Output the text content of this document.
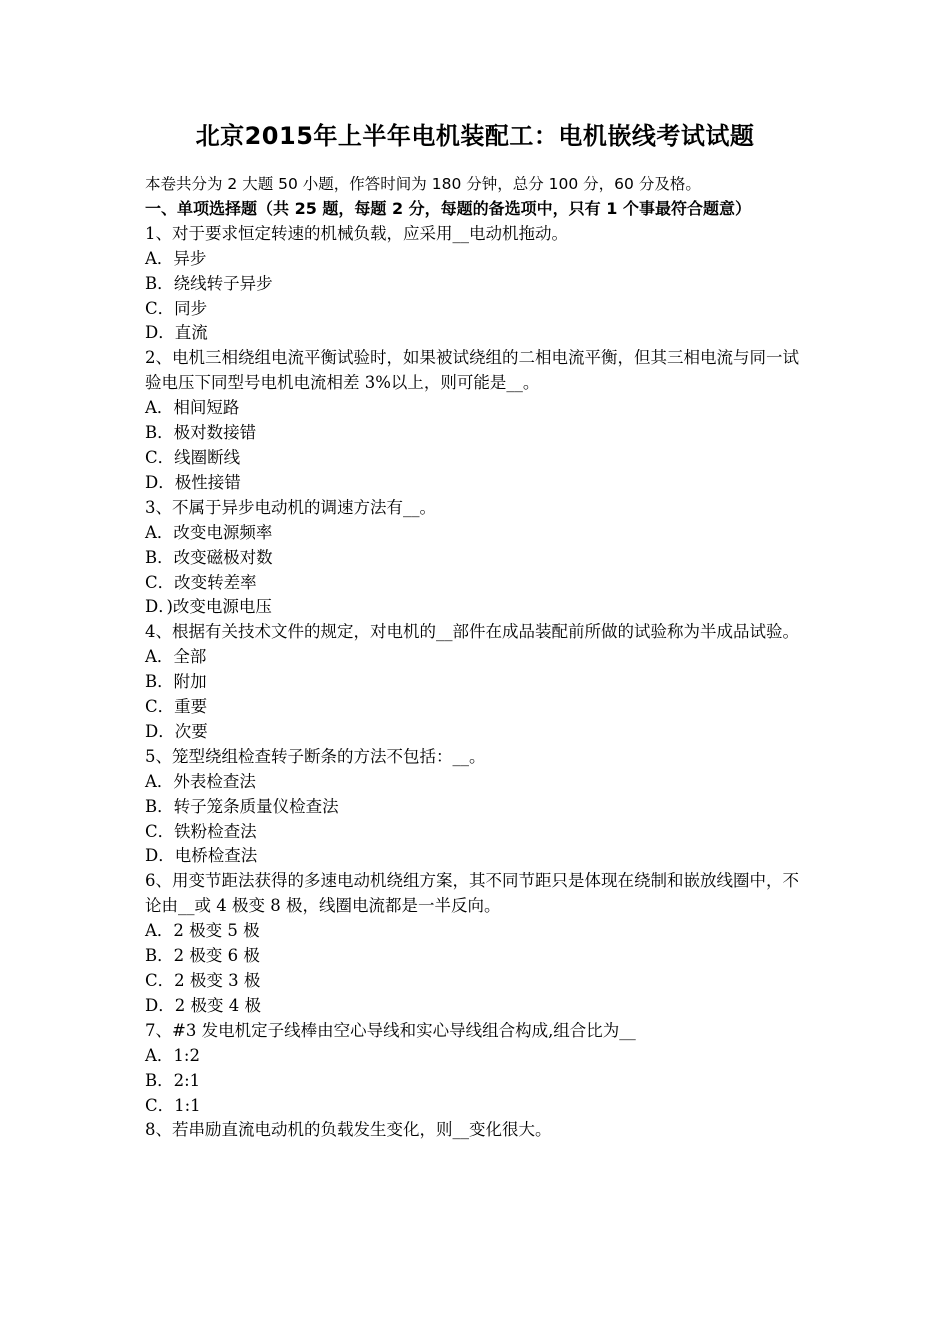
北京2015年上半年电机装配工：电机嵌线考试试题

本卷共分为 2 大题 50 小题，作答时间为 180 分钟，总分 100 分，60 分及格。

一、单项选择题（共 25 题，每题 2 分，每题的备选项中，只有 1 个事最符合题意）

1、对于要求恒定转速的机械负载，应采用__电动机拖动。

A．异步

B．绕线转子异步

C．同步

D．直流

2、电机三相绕组电流平衡试验时，如果被试绕组的二相电流平衡，但其三相电流与同一试验电压下同型号电机电流相差 3%以上，则可能是__。

A．相间短路

B．极对数接错

C．线圈断线

D．极性接错

3、不属于异步电动机的调速方法有__。

A．改变电源频率

B．改变磁极对数

C．改变转差率

D．)改变电源电压

4、根据有关技术文件的规定，对电机的__部件在成品装配前所做的试验称为半成品试验。

A．全部

B．附加

C．重要

D．次要

5、笼型绕组检查转子断条的方法不包括：__。

A．外表检查法

B．转子笼条质量仪检查法

C．铁粉检查法

D．电桥检查法

6、用变节距法获得的多速电动机绕组方案，其不同节距只是体现在绕制和嵌放线圈中，不论由__或 4 极变 8 极，线圈电流都是一半反向。

A．2 极变 5 极

B．2 极变 6 极

C．2 极变 3 极

D．2 极变 4 极

7、#3 发电机定子线棒由空心导线和实心导线组合构成,组合比为__

A．1:2

B．2:1

C．1:1

8、若串励直流电动机的负载发生变化，则__变化很大。
